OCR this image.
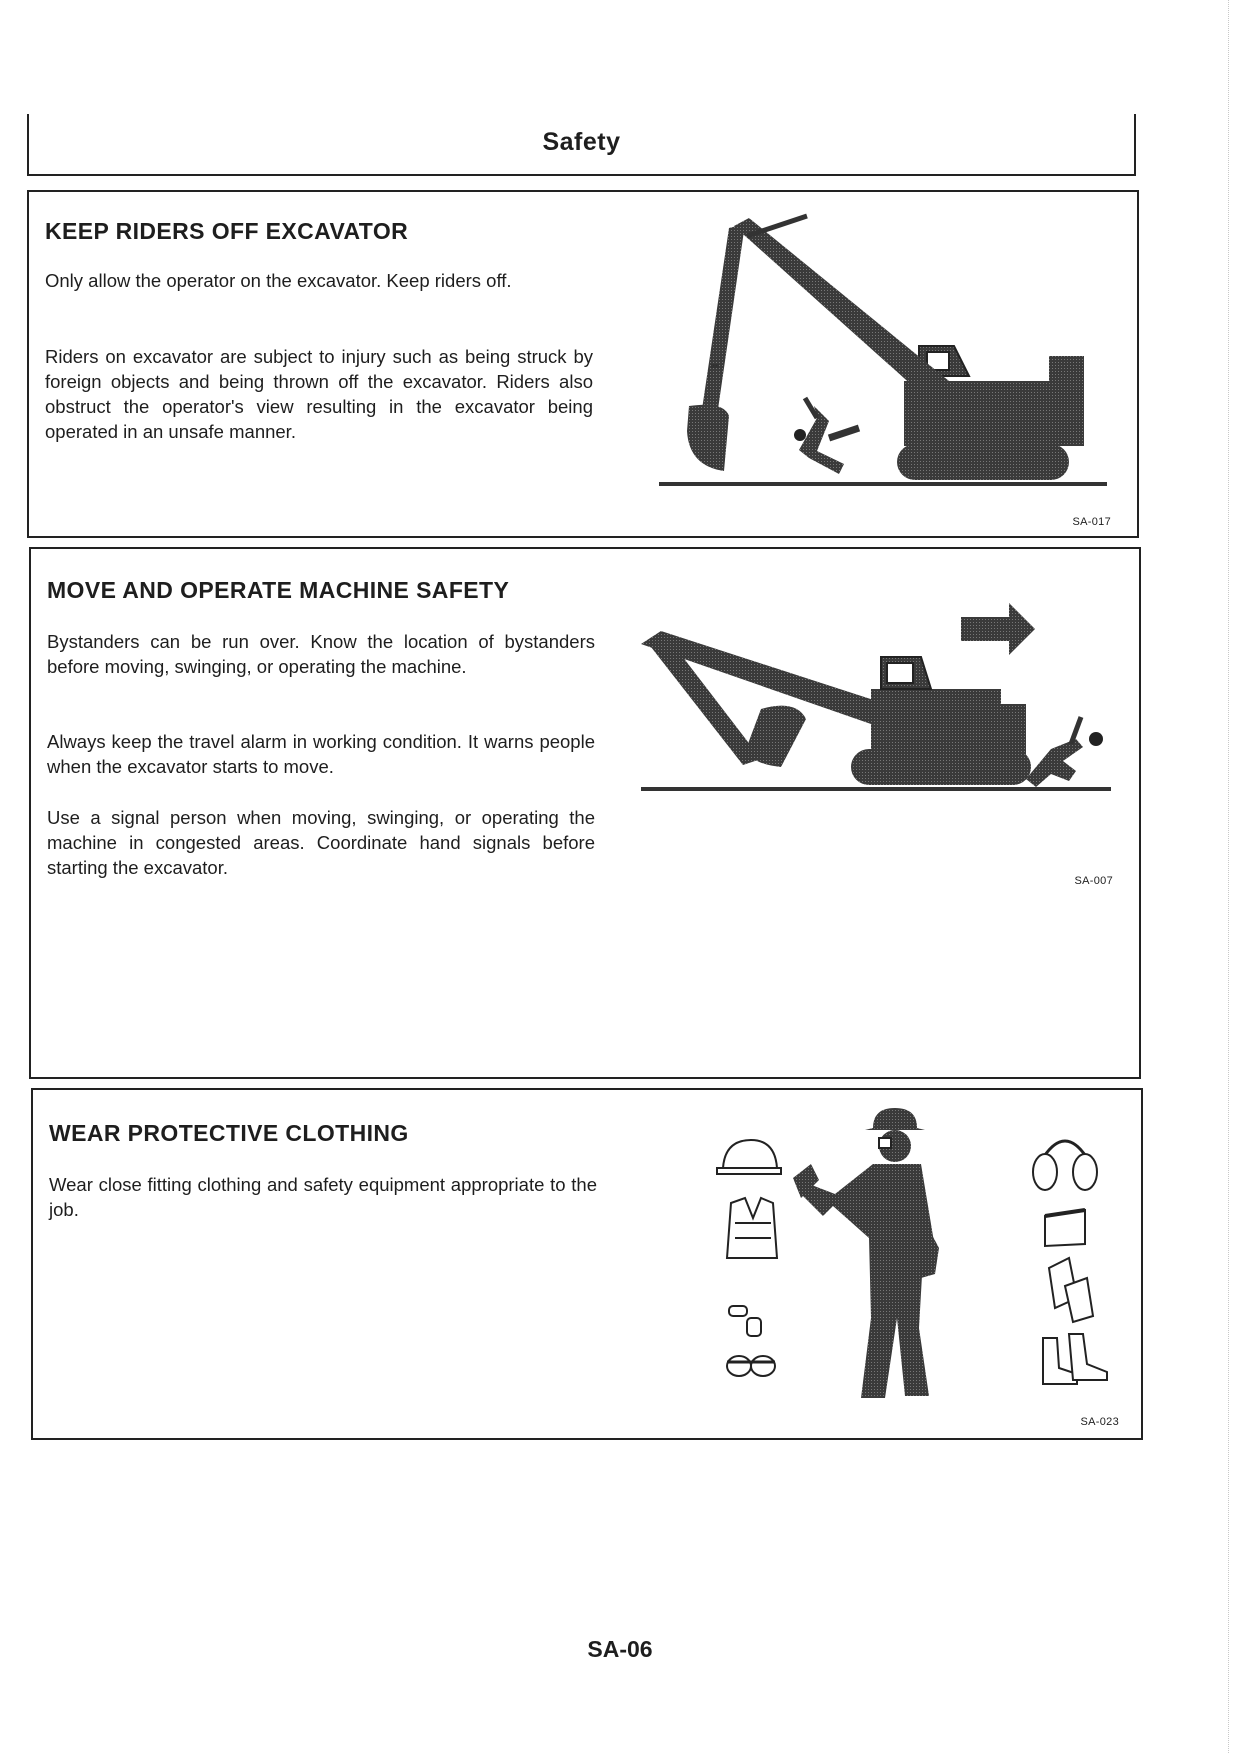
Safety
KEEP RIDERS OFF EXCAVATOR

Only allow the operator on the excavator. Keep riders off.

Riders on excavator are subject to injury such as being struck by foreign objects and being thrown off the excavator. Riders also obstruct the operator's view resulting in the excavator being operated in an unsafe manner.

SA-017
MOVE AND OPERATE MACHINE SAFETY

Bystanders can be run over. Know the location of bystanders before moving, swinging, or operating the machine.

Always keep the travel alarm in working condition. It warns people when the excavator starts to move.

Use a signal person when moving, swinging, or operating the machine in congested areas. Coordinate hand signals before starting the excavator.

SA-007
WEAR PROTECTIVE CLOTHING

Wear close fitting clothing and safety equipment appropriate to the job.

SA-023
SA-06
